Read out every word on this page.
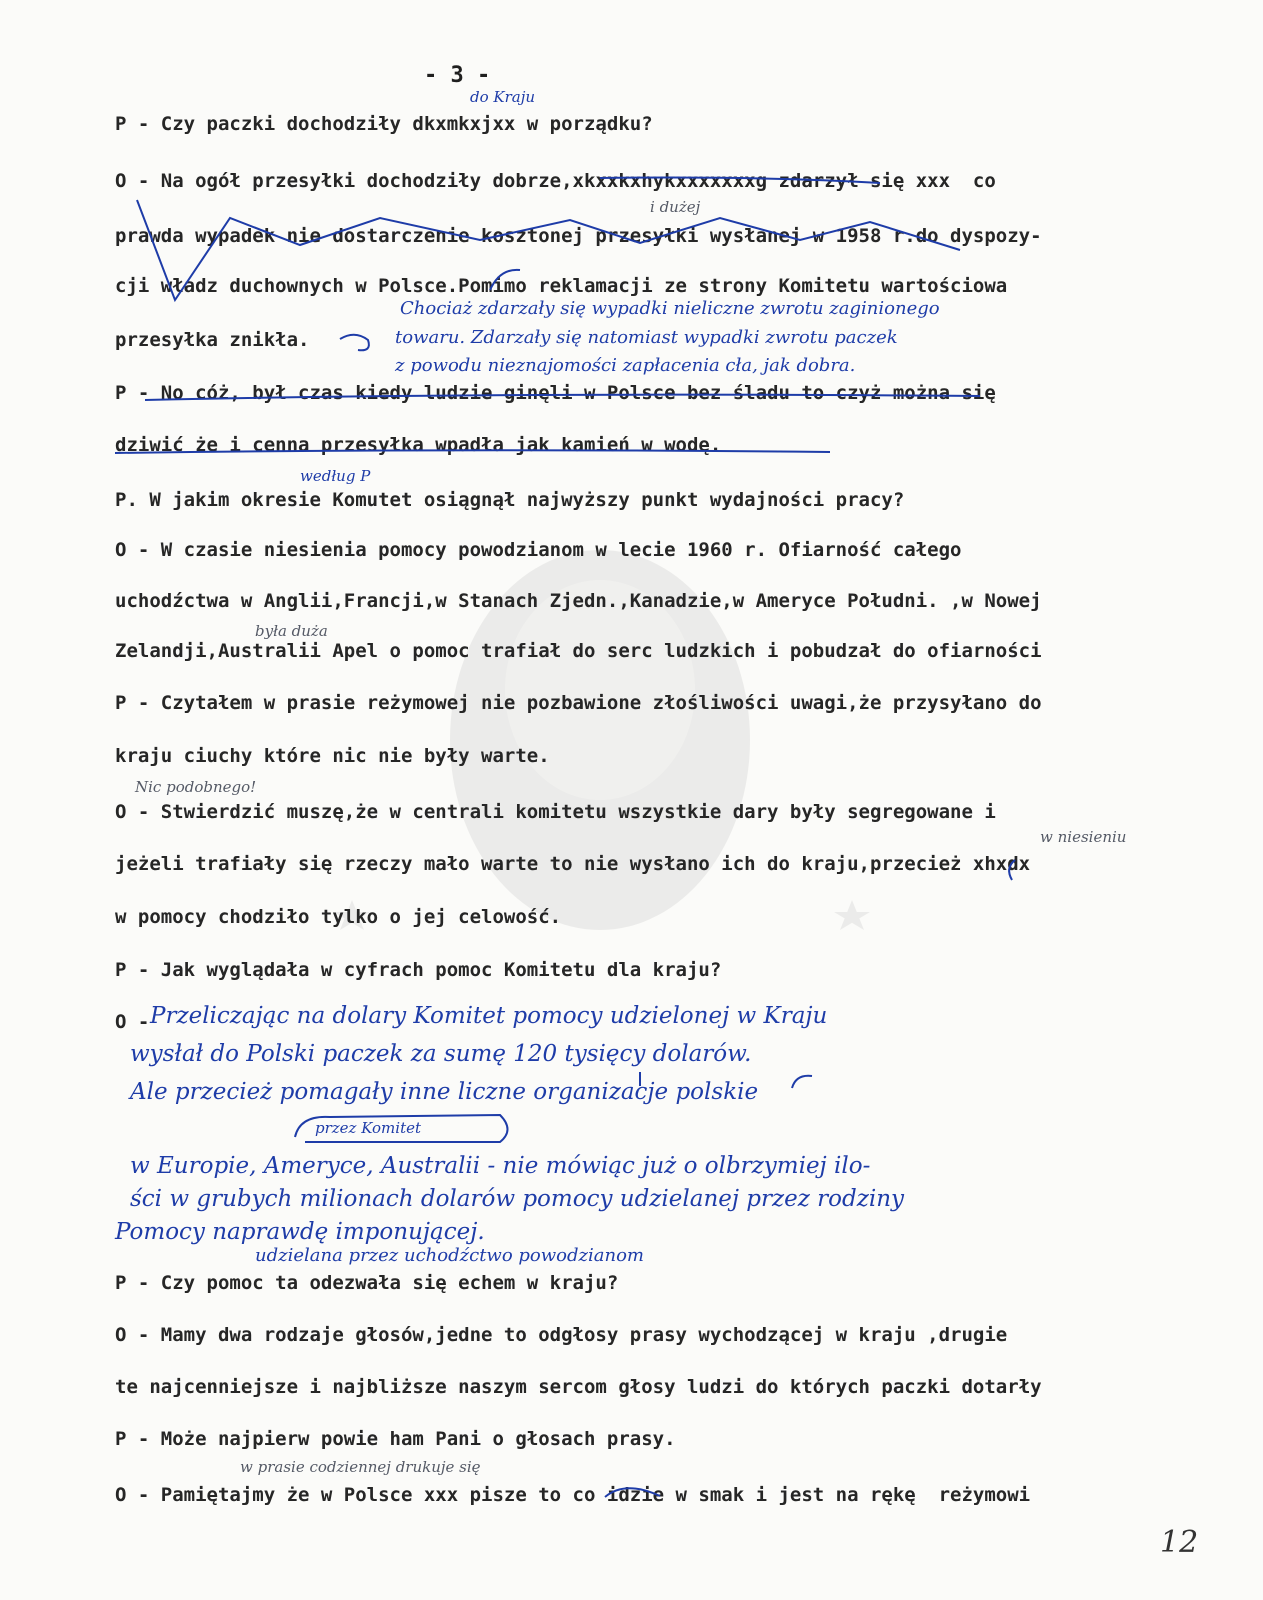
- 3 -
P - Czy paczki dochodziły dkxmkxjxx w porządku?
O - Na ogół przesyłki dochodziły dobrze,xkxxkxhykxxxxxxxg zdarzył się xxx  co
prawda wypadek nie dostarczenie kosztonej przesyłki wysłanej w 1958 r.do dyspozy-
cji władz duchownych w Polsce.Pomimo reklamacji ze strony Komitetu wartościowa
przesyłka znikła.
P - No cóż, był czas kiedy ludzie ginęli w Polsce bez śladu to czyż można się
dziwić że i cenna przesyłka wpadła jak kamień w wodę.
P. W jakim okresie Komutet osiągnął najwyższy punkt wydajności pracy?
O - W czasie niesienia pomocy powodzianom w lecie 1960 r. Ofiarność całego
uchodźctwa w Anglii,Francji,w Stanach Zjedn.,Kanadzie,w Ameryce Południ. ,w Nowej
Zelandji,Australii Apel o pomoc trafiał do serc ludzkich i pobudzał do ofiarności
P - Czytałem w prasie reżymowej nie pozbawione złośliwości uwagi,że przysyłano do
kraju ciuchy które nic nie były warte.
O - Stwierdzić muszę,że w centrali komitetu wszystkie dary były segregowane i
jeżeli trafiały się rzeczy mało warte to nie wysłano ich do kraju,przecież xhxdx
w pomocy chodziło tylko o jej celowość.
P - Jak wyglądała w cyfrach pomoc Komitetu dla kraju?
O -
P - Czy pomoc ta odezwała się echem w kraju?
O - Mamy dwa rodzaje głosów,jedne to odgłosy prasy wychodzącej w kraju ,drugie
te najcenniejsze i najbliższe naszym sercom głosy ludzi do których paczki dotarły
P - Może najpierw powie ham Pani o głosach prasy.
O - Pamiętajmy że w Polsce xxx pisze to co idzie w smak i jest na rękę  reżymowi
do Kraju
i dużej
Chociaż zdarzały się wypadki nieliczne zwrotu zaginionego
towaru. Zdarzały się natomiast wypadki zwrotu paczek
z powodu nieznajomości zapłacenia cła, jak dobra.
według P
była duża
Nic podobnego!
w niesieniu
Przeliczając na dolary Komitet pomocy udzielonej w Kraju
wysłał do Polski paczek za sumę 120 tysięcy dolarów.
Ale przecież pomagały inne liczne organizacje polskie
przez Komitet
w Europie, Ameryce, Australii - nie mówiąc już o olbrzymiej ilo-
ści w grubych milionach dolarów pomocy udzielanej przez rodziny
Pomocy naprawdę imponującej.
udzielana przez uchodźctwo powodzianom
w prasie codziennej drukuje się
12
